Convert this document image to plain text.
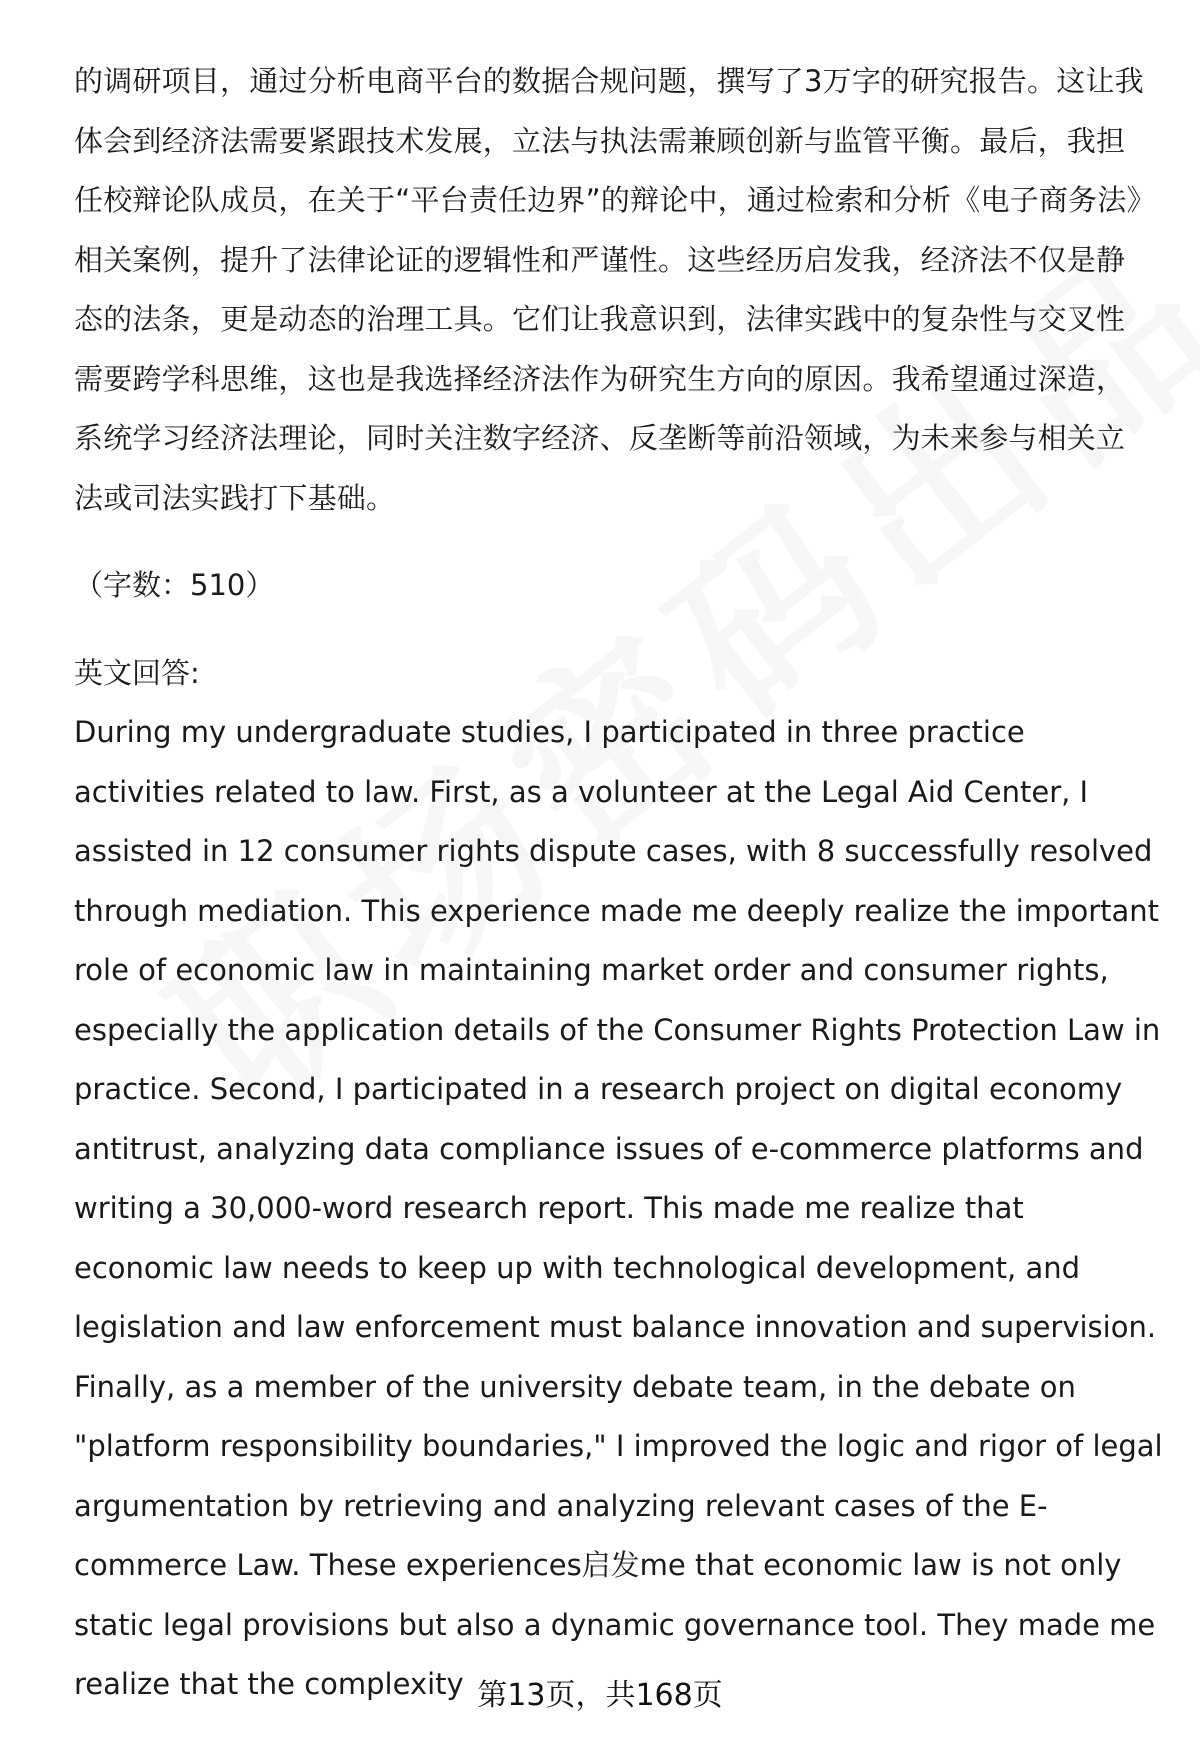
的调研项目，通过分析电商平台的数据合规问题，撰写了3万字的研究报告。这让我体会到经济法需要紧跟技术发展，立法与执法需兼顾创新与监管平衡。最后，我担任校辩论队成员，在关于“平台责任边界”的辩论中，通过检索和分析《电子商务法》相关案例，提升了法律论证的逻辑性和严谨性。这些经历启发我，经济法不仅是静态的法条，更是动态的治理工具。它们让我意识到，法律实践中的复杂性与交叉性需要跨学科思维，这也是我选择经济法作为研究生方向的原因。我希望通过深造，系统学习经济法理论，同时关注数字经济、反垄断等前沿领域，为未来参与相关立法或司法实践打下基础。

（字数：510）

英文回答:

During my undergraduate studies, I participated in three practice activities related to law. First, as a volunteer at the Legal Aid Center, I assisted in 12 consumer rights dispute cases, with 8 successfully resolved through mediation. This experience made me deeply realize the important role of economic law in maintaining market order and consumer rights, especially the application details of the Consumer Rights Protection Law in practice. Second, I participated in a research project on digital economy antitrust, analyzing data compliance issues of e-commerce platforms and writing a 30,000-word research report. This made me realize that economic law needs to keep up with technological development, and legislation and law enforcement must balance innovation and supervision. Finally, as a member of the university debate team, in the debate on "platform responsibility boundaries," I improved the logic and rigor of legal argumentation by retrieving and analyzing relevant cases of the E-commerce Law. These experiences启发me that economic law is not only static legal provisions but also a dynamic governance tool. They made me realize that the complexity 第13页，共168页
